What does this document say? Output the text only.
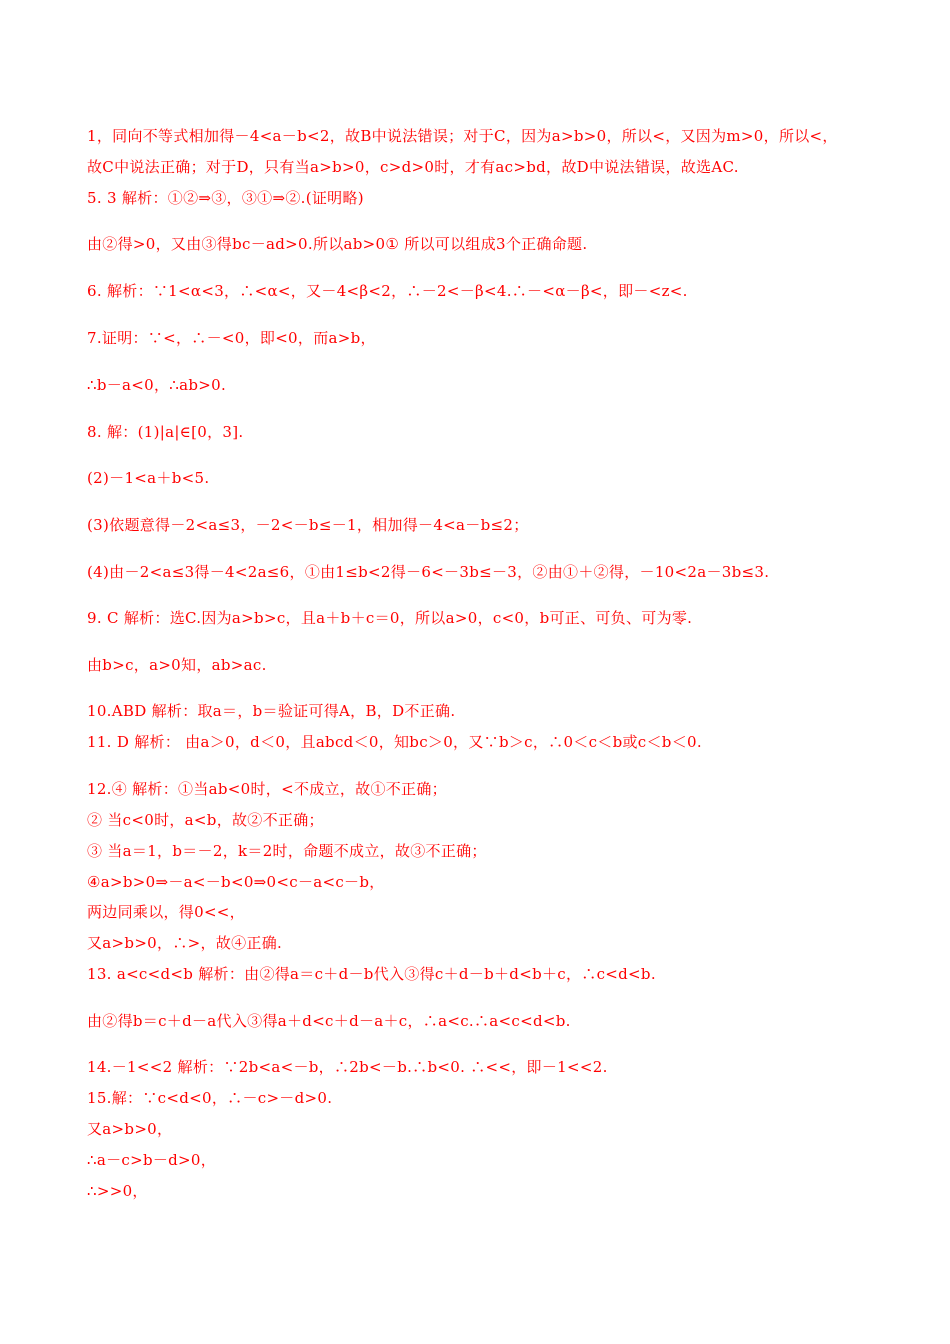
1，同向不等式相加得－4<a－b<2，故B中说法错误；对于C，因为a>b>0，所以<，又因为m>0，所以<，
故C中说法正确；对于D，只有当a>b>0，c>d>0时，才有ac>bd，故D中说法错误，故选AC.
5. 3 解析：①②⇒③，③①⇒②.(证明略)
由②得>0，又由③得bc－ad>0.所以ab>0① 所以可以组成3个正确命题.
6. 解析：∵1<α<3，∴<α<，又－4<β<2，∴－2<－β<4.∴－<α－β<，即－<z<.
7.证明：∵<，∴－<0，即<0，而a>b，
∴b－a<0，∴ab>0.
8. 解：(1)|a|∈[0，3].
(2)－1<a＋b<5.
(3)依题意得－2<a≤3，－2<－b≤－1，相加得－4<a－b≤2；
(4)由－2<a≤3得－4<2a≤6，①由1≤b<2得－6<－3b≤－3，②由①＋②得，－10<2a－3b≤3.
9. C 解析：选C.因为a>b>c，且a＋b＋c＝0，所以a>0，c<0，b可正、可负、可为零.
由b>c，a>0知，ab>ac.
10.ABD 解析：取a＝，b＝验证可得A，B，D不正确.
11. D 解析： 由a＞0，d＜0，且abcd＜0，知bc＞0，又∵b＞c，∴0＜c＜b或c＜b＜0.
12.④ 解析：①当ab<0时，<不成立，故①不正确；
② 当c<0时，a<b，故②不正确；
③ 当a＝1，b＝－2，k＝2时，命题不成立，故③不正确；
④a>b>0⇒－a<－b<0⇒0<c－a<c－b，
两边同乘以，得0<<，
又a>b>0，∴>，故④正确.
13. a<c<d<b 解析：由②得a＝c＋d－b代入③得c＋d－b＋d<b＋c，∴c<d<b.
由②得b＝c＋d－a代入③得a＋d<c＋d－a＋c，∴a<c.∴a<c<d<b.
14.－1<<2 解析：∵2b<a<－b，∴2b<－b.∴b<0. ∴<<，即－1<<2.
15.解：∵c<d<0，∴－c>－d>0.
又a>b>0，
∴a－c>b－d>0，
∴>>0，
